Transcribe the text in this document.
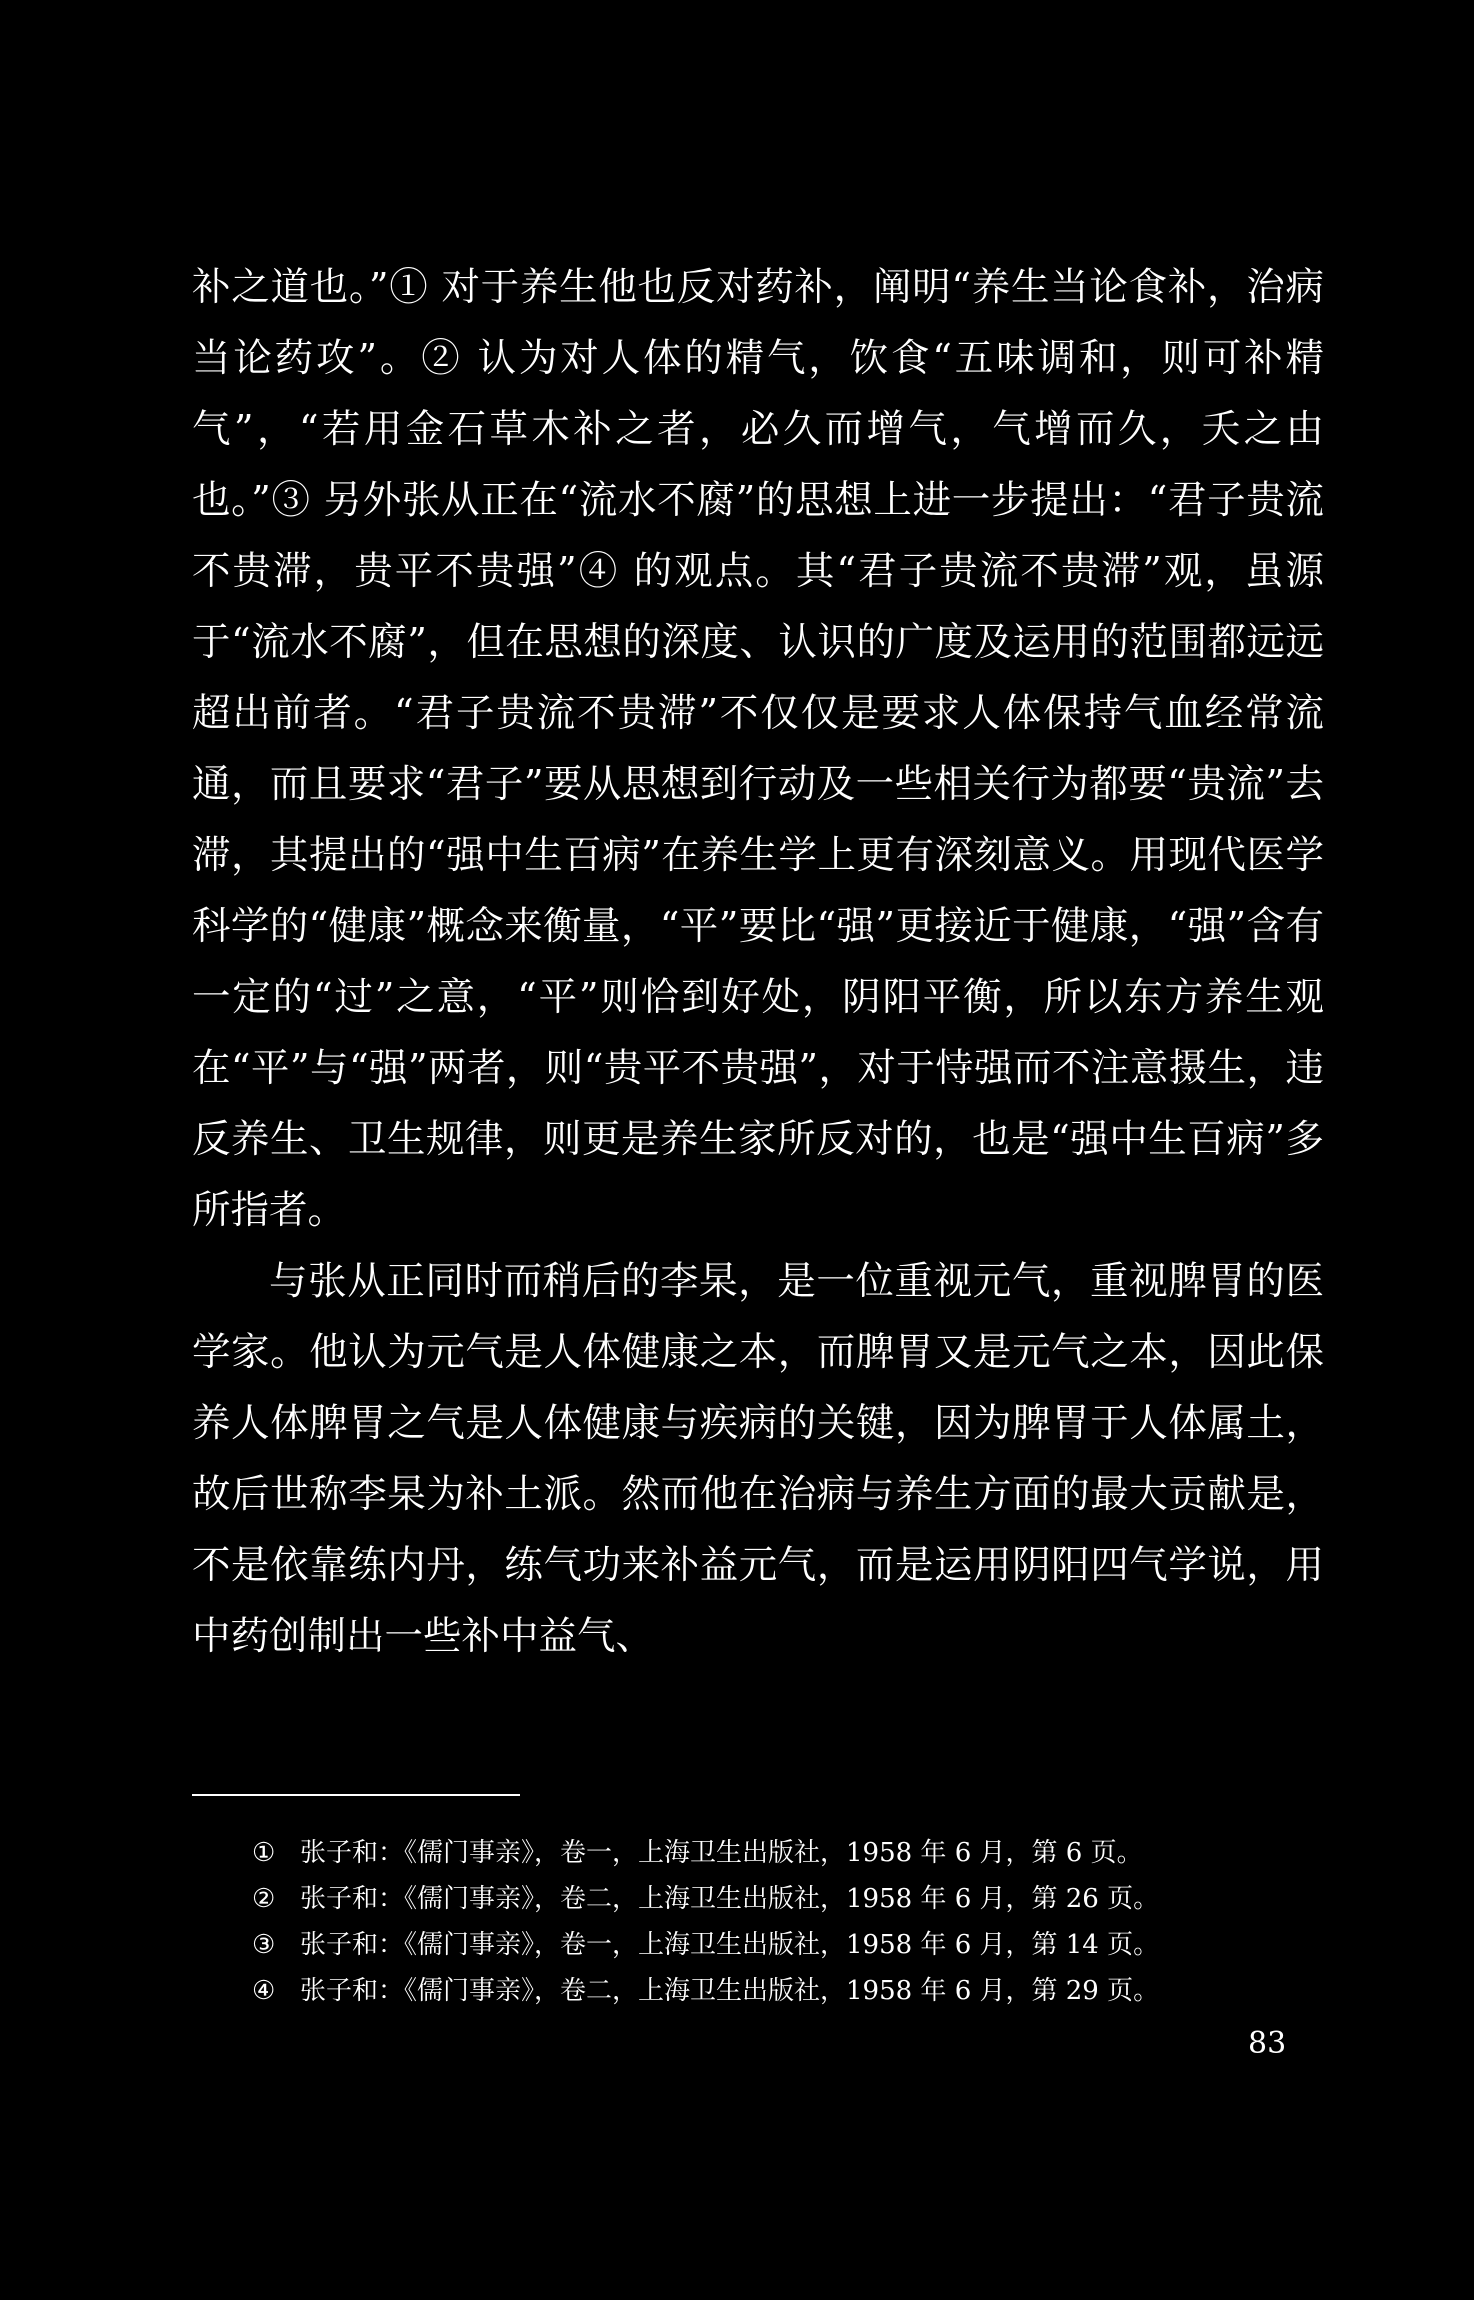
补之道也。”① 对于养生他也反对药补，阐明“养生当论食补，治病当论药攻”。② 认为对人体的精气，饮食“五味调和，则可补精气”，“若用金石草木补之者，必久而增气，气增而久，夭之由也。”③ 另外张从正在“流水不腐”的思想上进一步提出：“君子贵流不贵滞，贵平不贵强”④ 的观点。其“君子贵流不贵滞”观，虽源于“流水不腐”，但在思想的深度、认识的广度及运用的范围都远远超出前者。“君子贵流不贵滞”不仅仅是要求人体保持气血经常流通，而且要求“君子”要从思想到行动及一些相关行为都要“贵流”去滞，其提出的“强中生百病”在养生学上更有深刻意义。用现代医学科学的“健康”概念来衡量，“平”要比“强”更接近于健康，“强”含有一定的“过”之意，“平”则恰到好处，阴阳平衡，所以东方养生观在“平”与“强”两者，则“贵平不贵强”，对于恃强而不注意摄生，违反养生、卫生规律，则更是养生家所反对的，也是“强中生百病”多所指者。

与张从正同时而稍后的李杲，是一位重视元气，重视脾胃的医学家。他认为元气是人体健康之本，而脾胃又是元气之本，因此保养人体脾胃之气是人体健康与疾病的关键，因为脾胃于人体属土，故后世称李杲为补土派。然而他在治病与养生方面的最大贡献是，不是依靠练内丹，练气功来补益元气，而是运用阴阳四气学说，用中药创制出一些补中益气、

① 张子和：《儒门事亲》，卷一，上海卫生出版社，1958 年 6 月，第 6 页。
② 张子和：《儒门事亲》，卷二，上海卫生出版社，1958 年 6 月，第 26 页。
③ 张子和：《儒门事亲》，卷一，上海卫生出版社，1958 年 6 月，第 14 页。
④ 张子和：《儒门事亲》，卷二，上海卫生出版社，1958 年 6 月，第 29 页。
83
